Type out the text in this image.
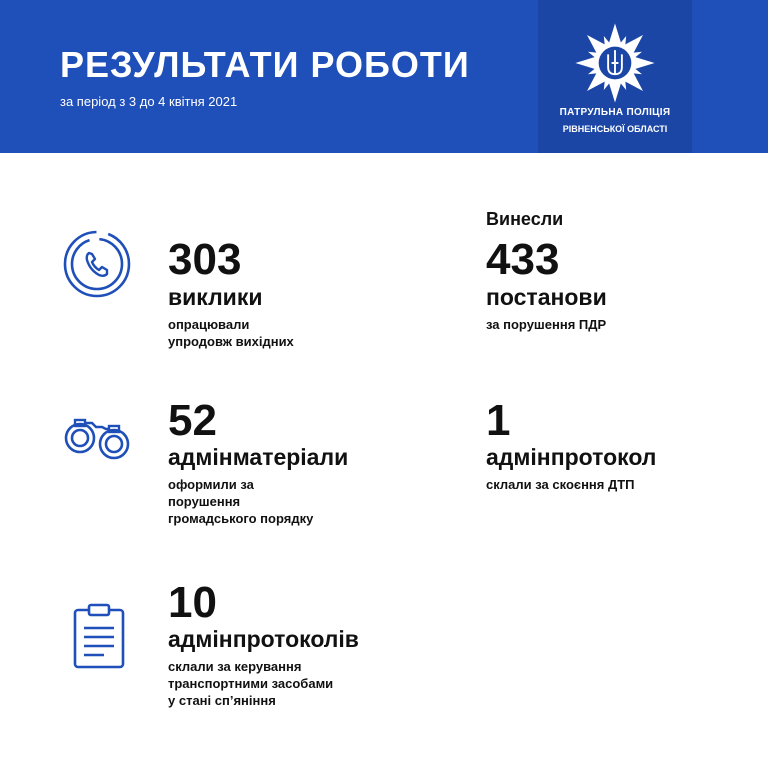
РЕЗУЛЬТАТИ РОБОТИ
за період з 3 до 4 квітня 2021
ПАТРУЛЬНА ПОЛІЦІЯ
РІВНЕНСЬКОЇ ОБЛАСТІ
303
виклики
опрацювали
упродовж вихідних
Винесли
433
постанови
за порушення ПДР
52
адмінматеріали
оформили за
порушення
громадського порядку
1
адмінпротокол
склали за скоєння ДТП
10
адмінпротоколів
склали за керування
транспортними засобами
у стані сп’яніння
